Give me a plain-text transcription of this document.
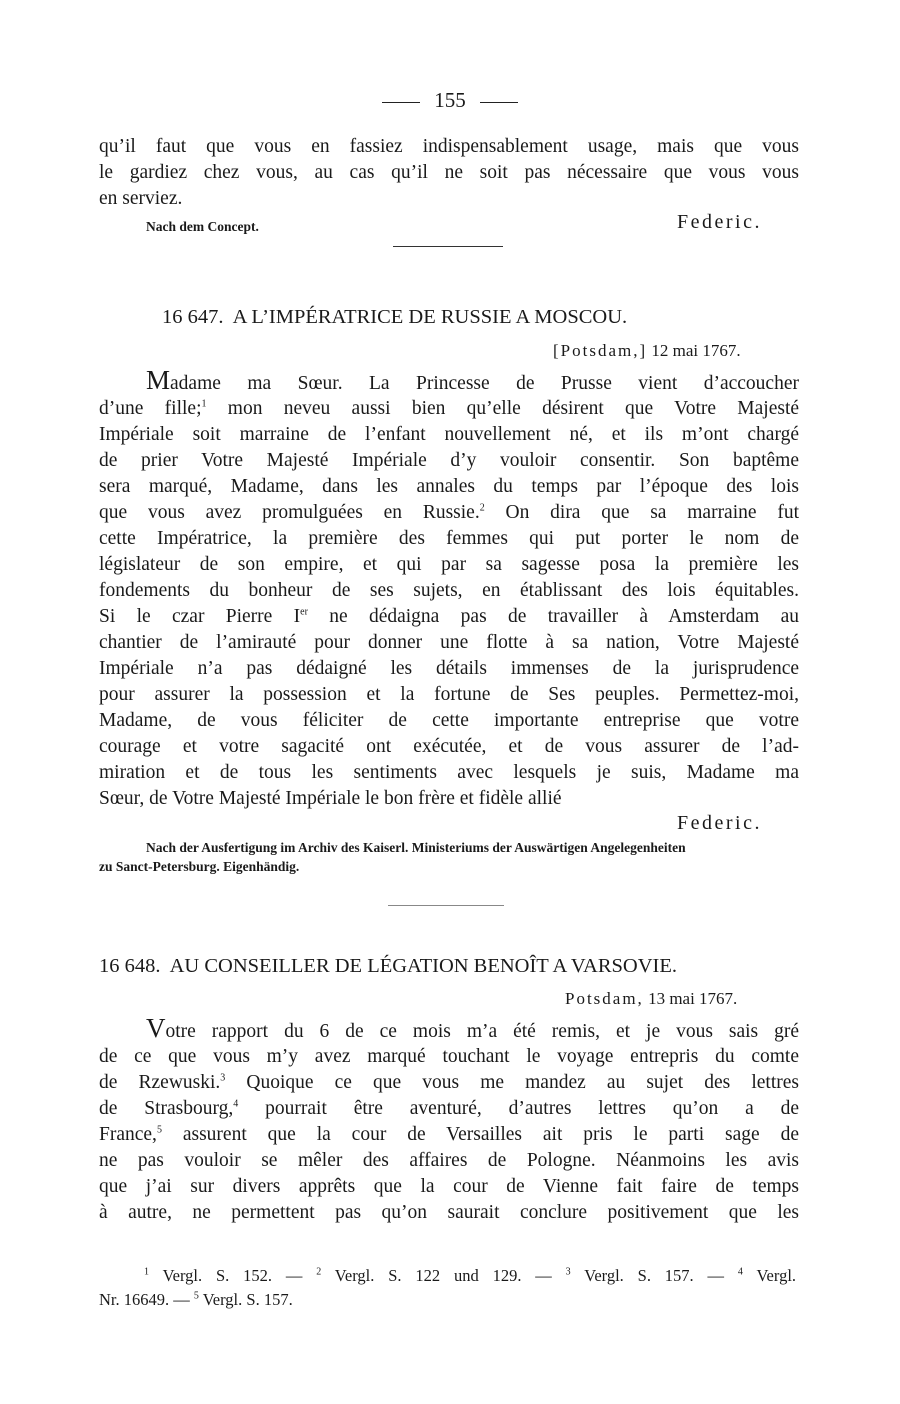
155
qu’il faut que vous en fassiez indispensablement usage, mais que vous
le gardiez chez vous, au cas qu’il ne soit pas nécessaire que vous vous
en serviez.
Nach dem Concept.	Federic.
16 647. A L’IMPÉRATRICE DE RUSSIE A MOSCOU.
[Potsdam,] 12 mai 1767.
Madame ma Sœur. La Princesse de Prusse vient d’accoucher
d’une fille;$^1$ mon neveu aussi bien qu’elle désirent que Votre Majesté
Impériale soit marraine de l’enfant nouvellement né, et ils m’ont chargé
de prier Votre Majesté Impériale d’y vouloir consentir. Son baptême
sera marqué, Madame, dans les annales du temps par l’époque des lois
que vous avez promulguées en Russie.$^2$ On dira que sa marraine fut
cette Impératrice, la première des femmes qui put porter le nom de
législateur de son empire, et qui par sa sagesse posa la première les
fondements du bonheur de ses sujets, en établissant des lois équitables.
Si le czar Pierre Ier ne dédaigna pas de travailler à Amsterdam au
chantier de l’amirauté pour donner une flotte à sa nation, Votre Majesté
Impériale n’a pas dédaigné les détails immenses de la jurisprudence
pour assurer la possession et la fortune de Ses peuples. Permettez-moi,
Madame, de vous féliciter de cette importante entreprise que votre
courage et votre sagacité ont exécutée, et de vous assurer de l’ad-
miration et de tous les sentiments avec lesquels je suis, Madame ma
Sœur, de Votre Majesté Impériale le bon frère et fidèle allié
Federic.
Nach der Ausfertigung im Archiv des Kaiserl. Ministeriums der Auswärtigen Angelegenheiten
zu Sanct-Petersburg. Eigenhändig.
16 648. AU CONSEILLER DE LÉGATION BENOÎT A VARSOVIE.
Potsdam, 13 mai 1767.
Votre rapport du 6 de ce mois m’a été remis, et je vous sais gré
de ce que vous m’y avez marqué touchant le voyage entrepris du comte
de Rzewuski.$^3$ Quoique ce que vous me mandez au sujet des lettres
de Strasbourg,$^4$ pourrait être aventuré, d’autres lettres qu’on a de
France,$^5$ assurent que la cour de Versailles ait pris le parti sage de
ne pas vouloir se mêler des affaires de Pologne. Néanmoins les avis
que j’ai sur divers apprêts que la cour de Vienne fait faire de temps
à autre, ne permettent pas qu’on saurait conclure positivement que les
$^1$ Vergl. S. 152. — $^2$ Vergl. S. 122 und 129. — $^3$ Vergl. S. 157. — $^4$ Vergl.
Nr. 16649. — $^5$ Vergl. S. 157.
